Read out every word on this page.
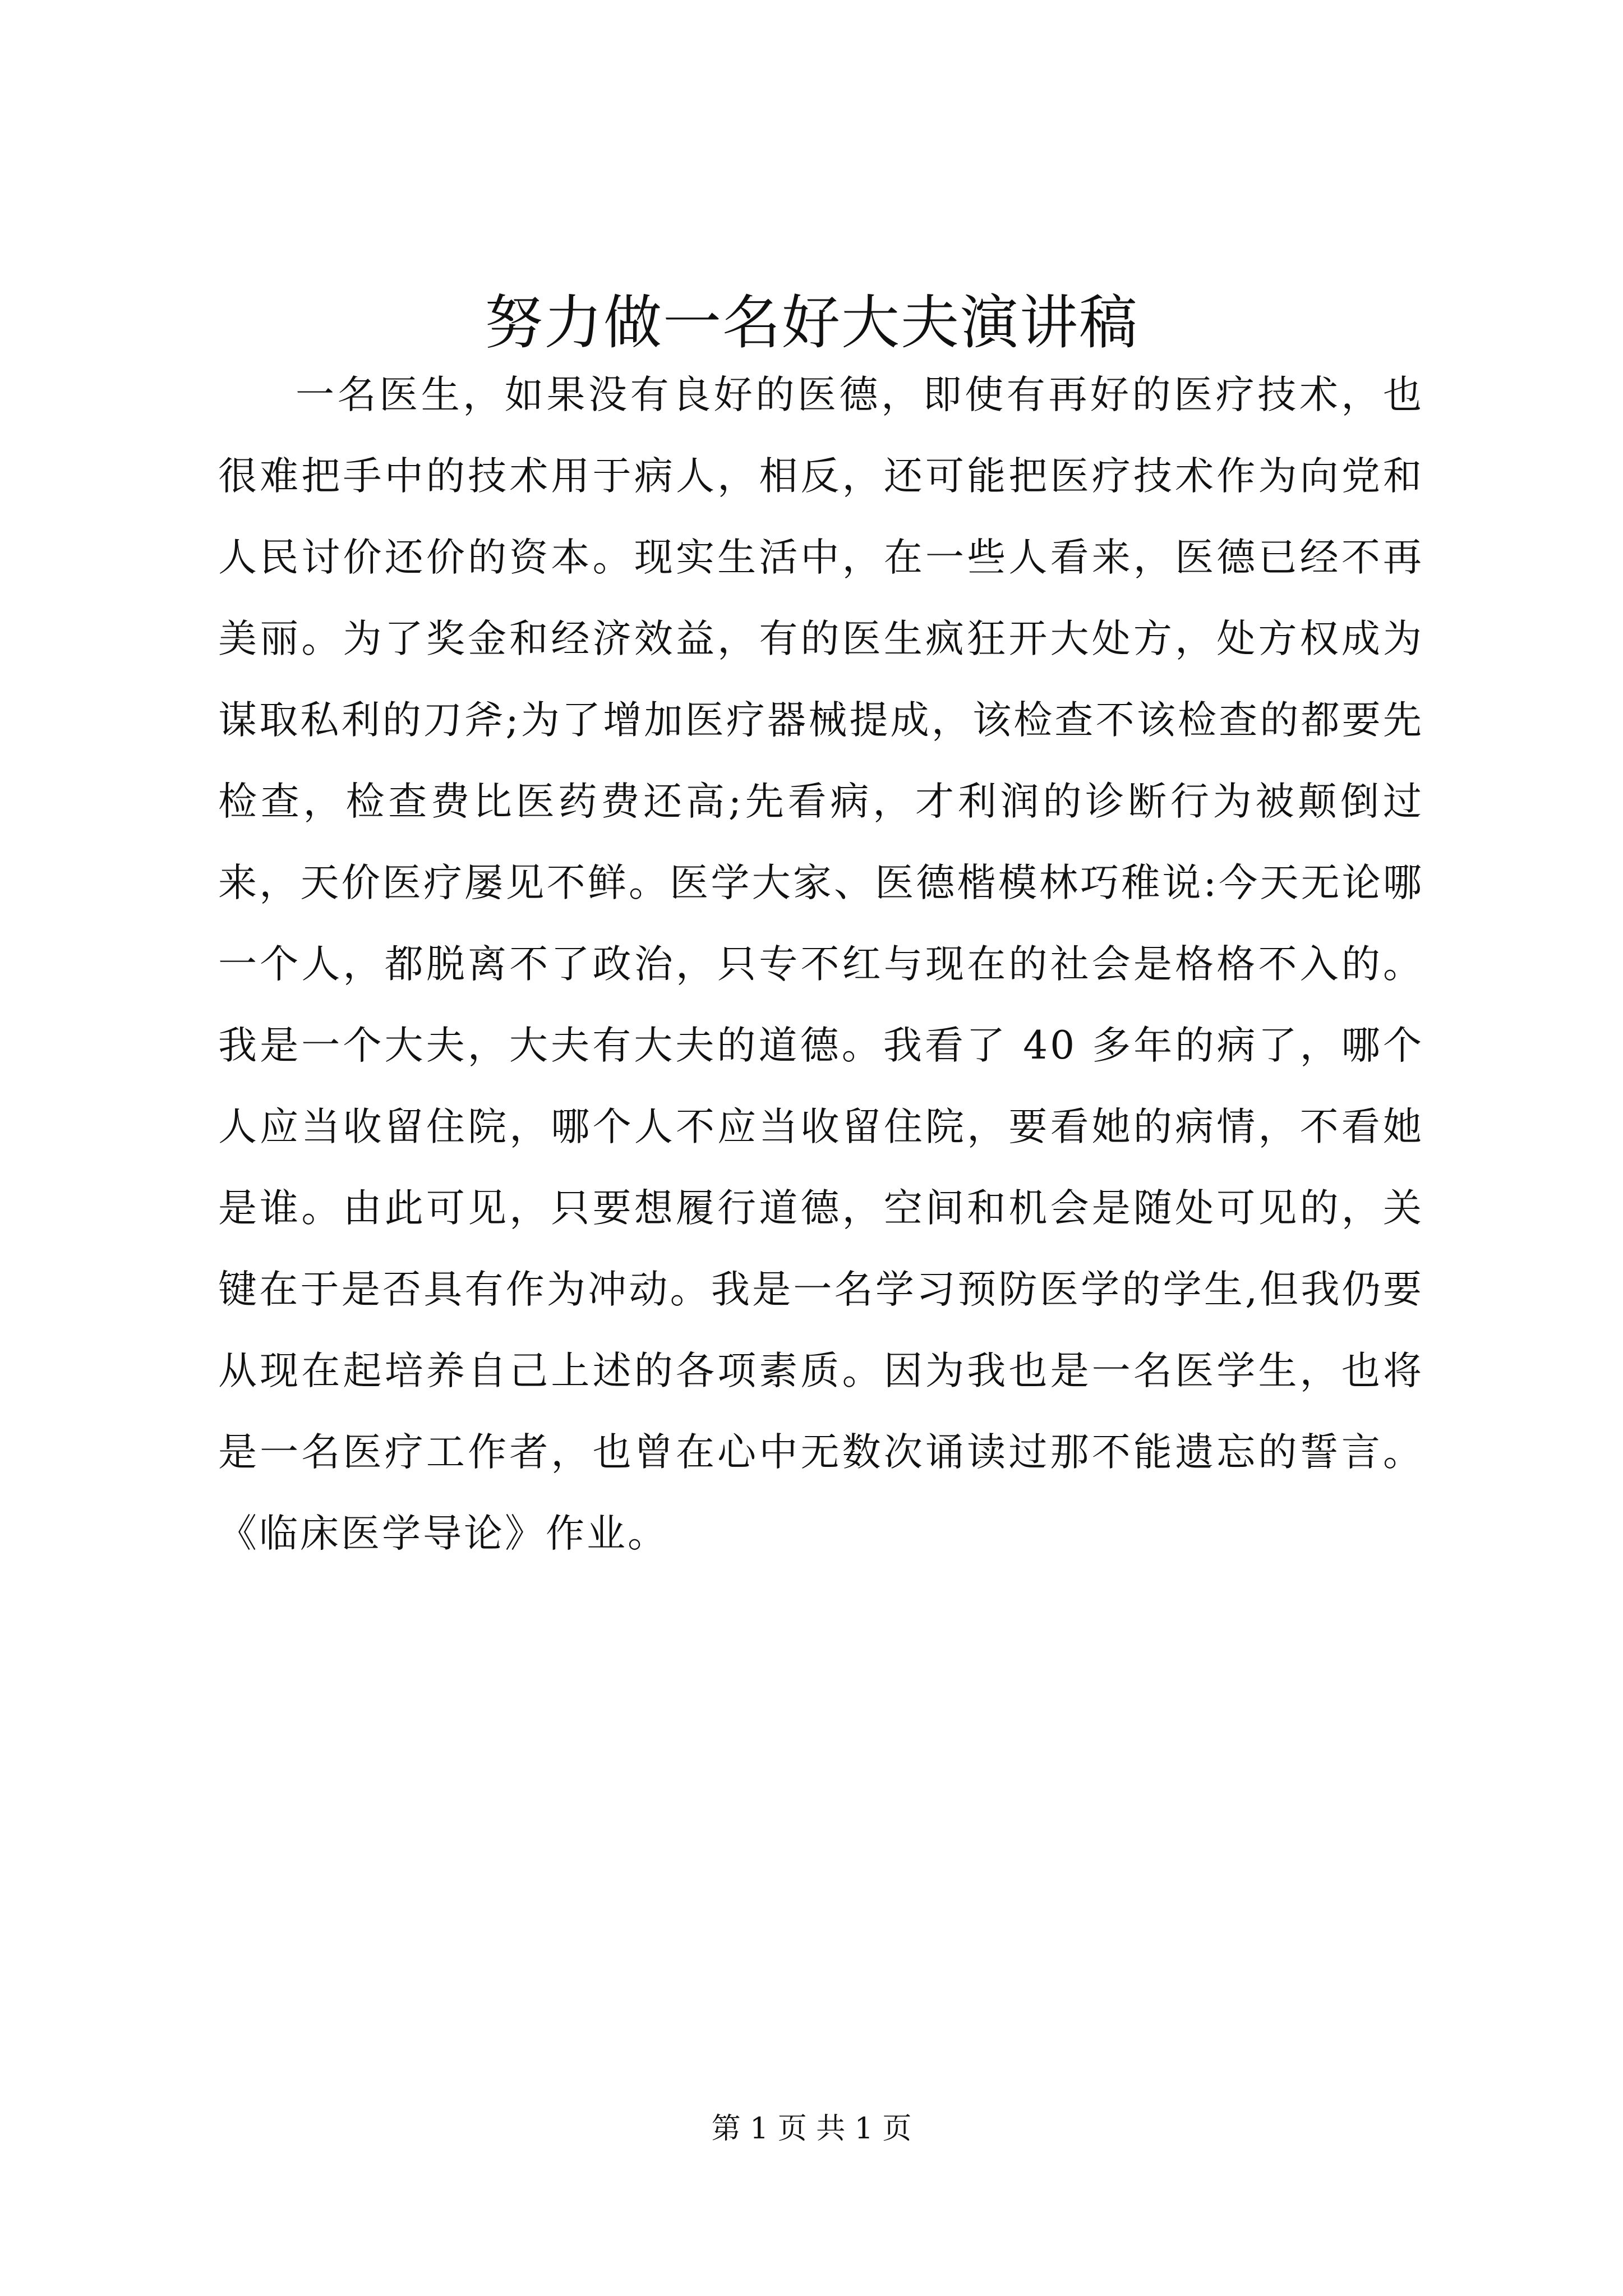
努力做一名好大夫演讲稿

一名医生，如果没有良好的医德，即使有再好的医疗技术，也很难把手中的技术用于病人，相反，还可能把医疗技术作为向党和人民讨价还价的资本。现实生活中，在一些人看来，医德已经不再美丽。为了奖金和经济效益，有的医生疯狂开大处方，处方权成为谋取私利的刀斧;为了增加医疗器械提成，该检查不该检查的都要先检查，检查费比医药费还高;先看病，才利润的诊断行为被颠倒过来，天价医疗屡见不鲜。医学大家、医德楷模林巧稚说:今天无论哪一个人，都脱离不了政治，只专不红与现在的社会是格格不入的。我是一个大夫，大夫有大夫的道德。我看了 40 多年的病了，哪个人应当收留住院，哪个人不应当收留住院，要看她的病情，不看她是谁。由此可见，只要想履行道德，空间和机会是随处可见的，关键在于是否具有作为冲动。我是一名学习预防医学的学生,但我仍要从现在起培养自己上述的各项素质。因为我也是一名医学生，也将是一名医疗工作者，也曾在心中无数次诵读过那不能遗忘的誓言。《临床医学导论》作业。

第 1 页 共 1 页
